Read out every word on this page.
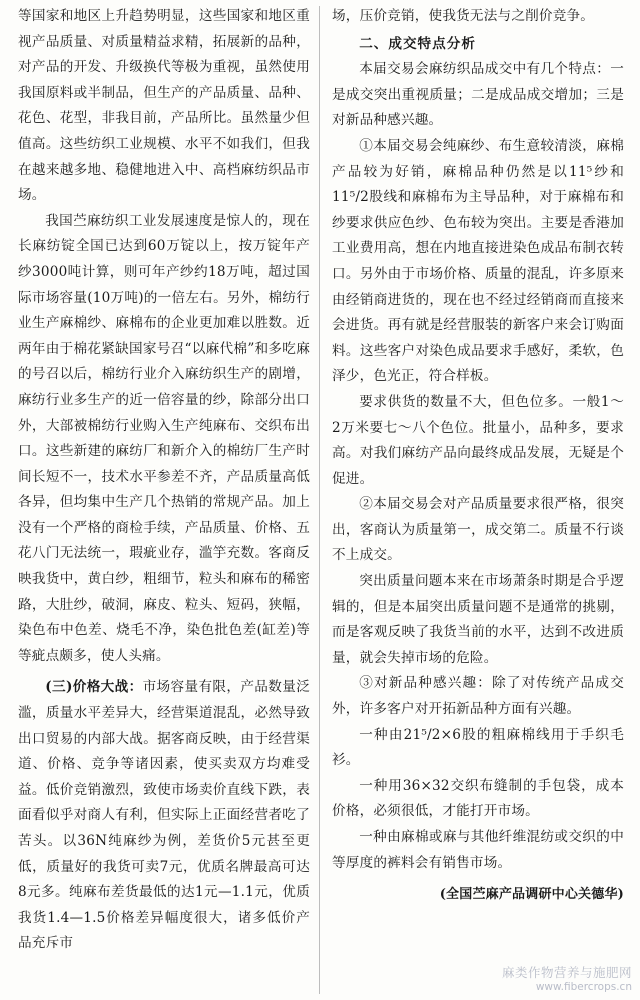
等国家和地区上升趋势明显，这些国家和地区重视产品质量、对质量精益求精，拓展新的品种，对产品的开发、升级换代等极为重视，虽然使用我国原料或半制品，但生产的产品质量、品种、花色、花型，非我目前，产品所比。虽然量少但值高。这些纺织工业规模、水平不如我们，但我在越来越多地、稳健地进入中、高档麻纺织品市场。

我国苎麻纺织工业发展速度是惊人的，现在长麻纺锭全国已达到60万锭以上，按万锭年产纱3000吨计算，则可年产纱约18万吨，超过国际市场容量(10万吨)的一倍左右。另外，棉纺行业生产麻棉纱、麻棉布的企业更加难以胜数。近两年由于棉花紧缺国家号召“以麻代棉”和多吃麻的号召以后，棉纺行业介入麻纺织生产的剧增，麻纺行业多生产的近一倍容量的纱，除部分出口外，大部被棉纺行业购入生产纯麻布、交织布出口。这些新建的麻纺厂和新介入的棉纺厂生产时间长短不一，技术水平参差不齐，产品质量高低各异，但均集中生产几个热销的常规产品。加上没有一个严格的商检手续，产品质量、价格、五花八门无法统一，瑕疵业存，滥竽充数。客商反映我货中，黄白纱，粗细节，粒头和麻布的稀密路，大肚纱，破洞，麻皮、粒头、短码，狭幅，染色布中色差、烧毛不净，染色批色差(缸差)等等疵点颇多，使人头痛。

(三)价格大战：市场容量有限，产品数量泛滥，质量水平差异大，经营渠道混乱，必然导致出口贸易的内部大战。据客商反映，由于经营渠道、价格、竞争等诸因素，使买卖双方均难受益。低价竞销激烈，致使市场卖价直线下跌，表面看似乎对商人有利，但实际上正面经营者吃了苦头。以36N纯麻纱为例，差货价5元甚至更低，质量好的我货可卖7元，优质名牌最高可达8元多。纯麻布差货最低的达1元—1.1元，优质我货1.4—1.5价格差异幅度很大，诸多低价产品充斥市

场，压价竞销，使我货无法与之削价竞争。

二、成交特点分析

本届交易会麻纺织品成交中有几个特点：一是成交突出重视质量；二是成品成交增加；三是对新品种感兴趣。

①本届交易会纯麻纱、布生意较清淡，麻棉产品较为好销，麻棉品种仍然是以11⁵纱和11⁵/2股线和麻棉布为主导品种，对于麻棉布和纱要求供应色纱、色布较为突出。主要是香港加工业费用高，想在内地直接进染色成品布制衣转口。另外由于市场价格、质量的混乱，许多原来由经销商进货的，现在也不经过经销商而直接来会进货。再有就是经营服装的新客户来会订购面料。这些客户对染色成品要求手感好，柔软，色泽少，色光正，符合样板。

要求供货的数量不大，但色位多。一般1～2万米要七～八个色位。批量小，品种多，要求高。对我们麻纺产品向最终成品发展，无疑是个促进。

②本届交易会对产品质量要求很严格，很突出，客商认为质量第一，成交第二。质量不行谈不上成交。

突出质量问题本来在市场萧条时期是合乎逻辑的，但是本届突出质量问题不是通常的挑剔，而是客观反映了我货当前的水平，达到不改进质量，就会失掉市场的危险。

③对新品种感兴趣：除了对传统产品成交外，许多客户对开拓新品种方面有兴趣。

一种由21⁵/2×6股的粗麻棉线用于手织毛衫。

一种用36×32交织布缝制的手包袋，成本价格，必须很低，才能打开市场。

一种由麻棉或麻与其他纤维混纺或交织的中等厚度的裤料会有销售市场。

(全国苎麻产品调研中心关德华)

麻类作物营养与施肥网
www.fibercrops.cn
